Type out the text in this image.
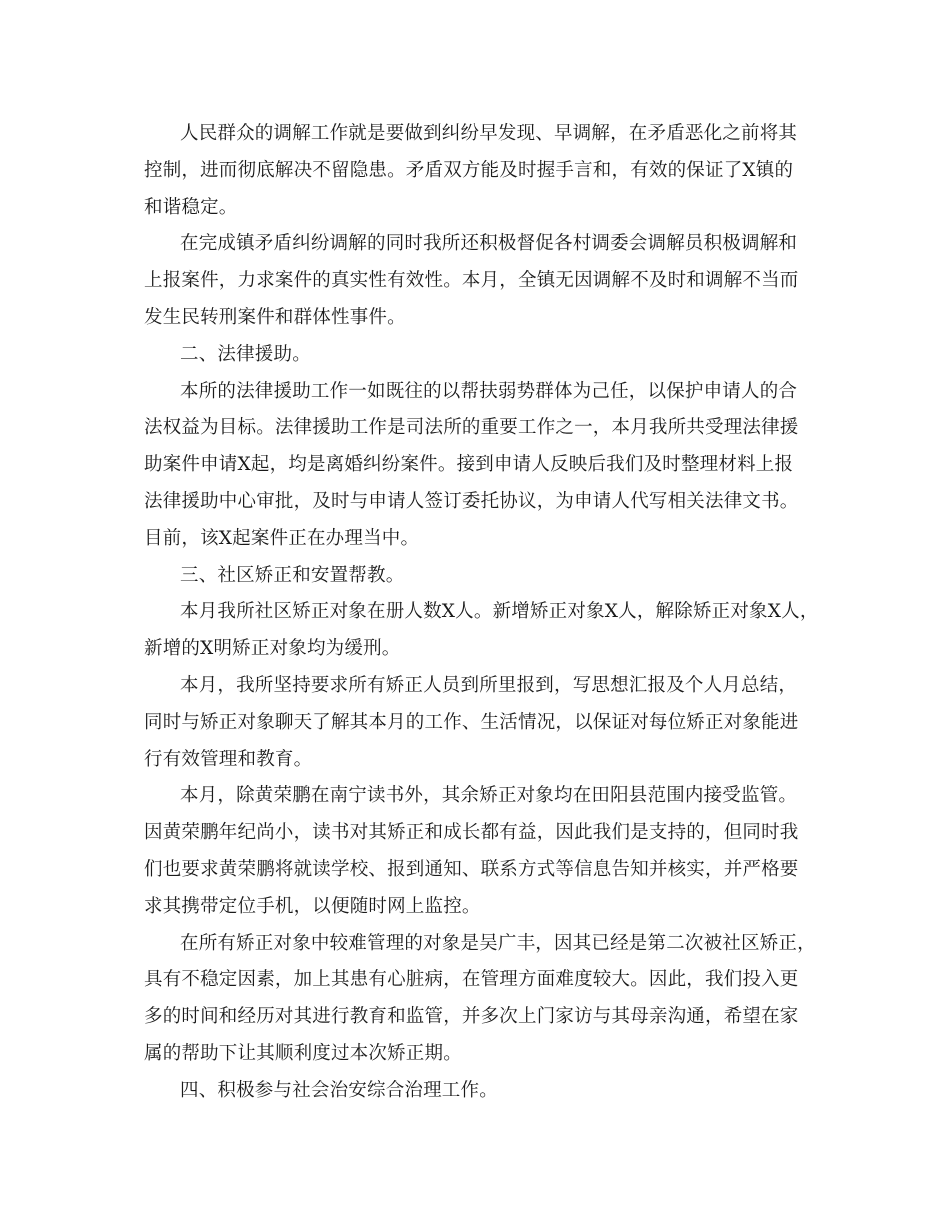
人民群众的调解工作就是要做到纠纷早发现、早调解，在矛盾恶化之前将其
控制，进而彻底解决不留隐患。矛盾双方能及时握手言和，有效的保证了X镇的
和谐稳定。
在完成镇矛盾纠纷调解的同时我所还积极督促各村调委会调解员积极调解和
上报案件，力求案件的真实性有效性。本月，全镇无因调解不及时和调解不当而
发生民转刑案件和群体性事件。
二、法律援助。
本所的法律援助工作一如既往的以帮扶弱势群体为己任，以保护申请人的合
法权益为目标。法律援助工作是司法所的重要工作之一，本月我所共受理法律援
助案件申请X起，均是离婚纠纷案件。接到申请人反映后我们及时整理材料上报
法律援助中心审批，及时与申请人签订委托协议，为申请人代写相关法律文书。
目前，该X起案件正在办理当中。
三、社区矫正和安置帮教。
本月我所社区矫正对象在册人数X人。新增矫正对象X人，解除矫正对象X人，
新增的X明矫正对象均为缓刑。
本月，我所坚持要求所有矫正人员到所里报到，写思想汇报及个人月总结，
同时与矫正对象聊天了解其本月的工作、生活情况，以保证对每位矫正对象能进
行有效管理和教育。
本月，除黄荣鹏在南宁读书外，其余矫正对象均在田阳县范围内接受监管。
因黄荣鹏年纪尚小，读书对其矫正和成长都有益，因此我们是支持的，但同时我
们也要求黄荣鹏将就读学校、报到通知、联系方式等信息告知并核实，并严格要
求其携带定位手机，以便随时网上监控。
在所有矫正对象中较难管理的对象是吴广丰，因其已经是第二次被社区矫正，
具有不稳定因素，加上其患有心脏病，在管理方面难度较大。因此，我们投入更
多的时间和经历对其进行教育和监管，并多次上门家访与其母亲沟通，希望在家
属的帮助下让其顺利度过本次矫正期。
四、积极参与社会治安综合治理工作。
